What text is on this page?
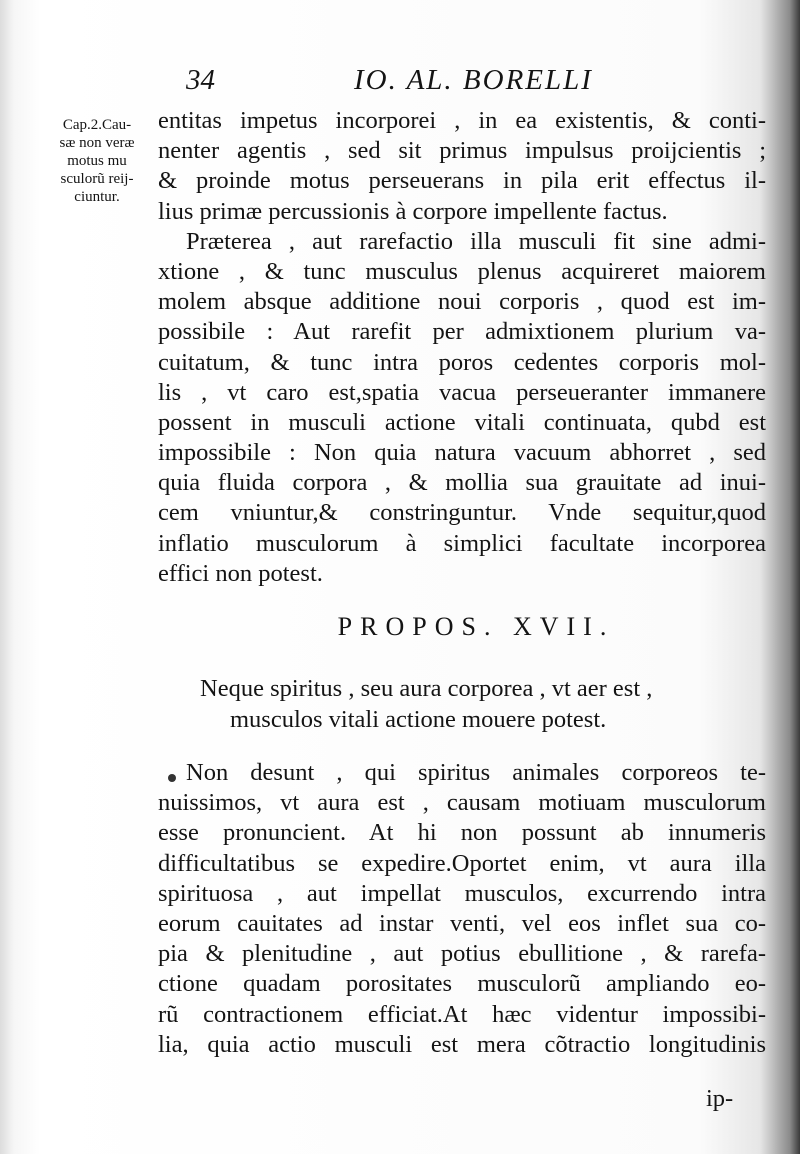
34	IO. AL. BORELLI
Cap.2.Cau-
sæ non veræ
motus mu
sculorũ reij-
ciuntur.
entitas impetus incorporei , in ea existentis, & conti-
nenter agentis , sed sit primus impulsus proijcientis ;
& proinde motus perseuerans in pila erit effectus il-
lius primæ percussionis à corpore impellente factus.
Præterea , aut rarefactio illa musculi fit sine admi-
xtione , & tunc musculus plenus acquireret maiorem
molem absque additione noui corporis , quod est im-
possibile : Aut rarefit per admixtionem plurium va-
cuitatum, & tunc intra poros cedentes corporis mol-
lis , vt caro est,spatia vacua perseueranter immanere
possent in musculi actione vitali continuata, qubd est
impossibile : Non quia natura vacuum abhorret , sed
quia fluida corpora , & mollia sua grauitate ad inui-
cem vniuntur,& constringuntur. Vnde sequitur,quod
inflatio musculorum à simplici facultate incorporea
effici non potest.
PROPOS. XVII.
Neque spiritus , seu aura corporea , vt aer est ,
musculos vitali actione mouere potest.
Non desunt , qui spiritus animales corporeos te-
nuissimos, vt aura est , causam motiuam musculorum
esse pronuncient. At hi non possunt ab innumeris
difficultatibus se expedire.Oportet enim, vt aura illa
spirituosa , aut impellat musculos, excurrendo intra
eorum cauitates ad instar venti, vel eos inflet sua co-
pia & plenitudine , aut potius ebullitione , & rarefa-
ctione quadam porositates musculorũ ampliando eo-
rũ contractionem efficiat.At hæc videntur impossibi-
lia, quia actio musculi est mera cõtractio longitudinis
ip-
